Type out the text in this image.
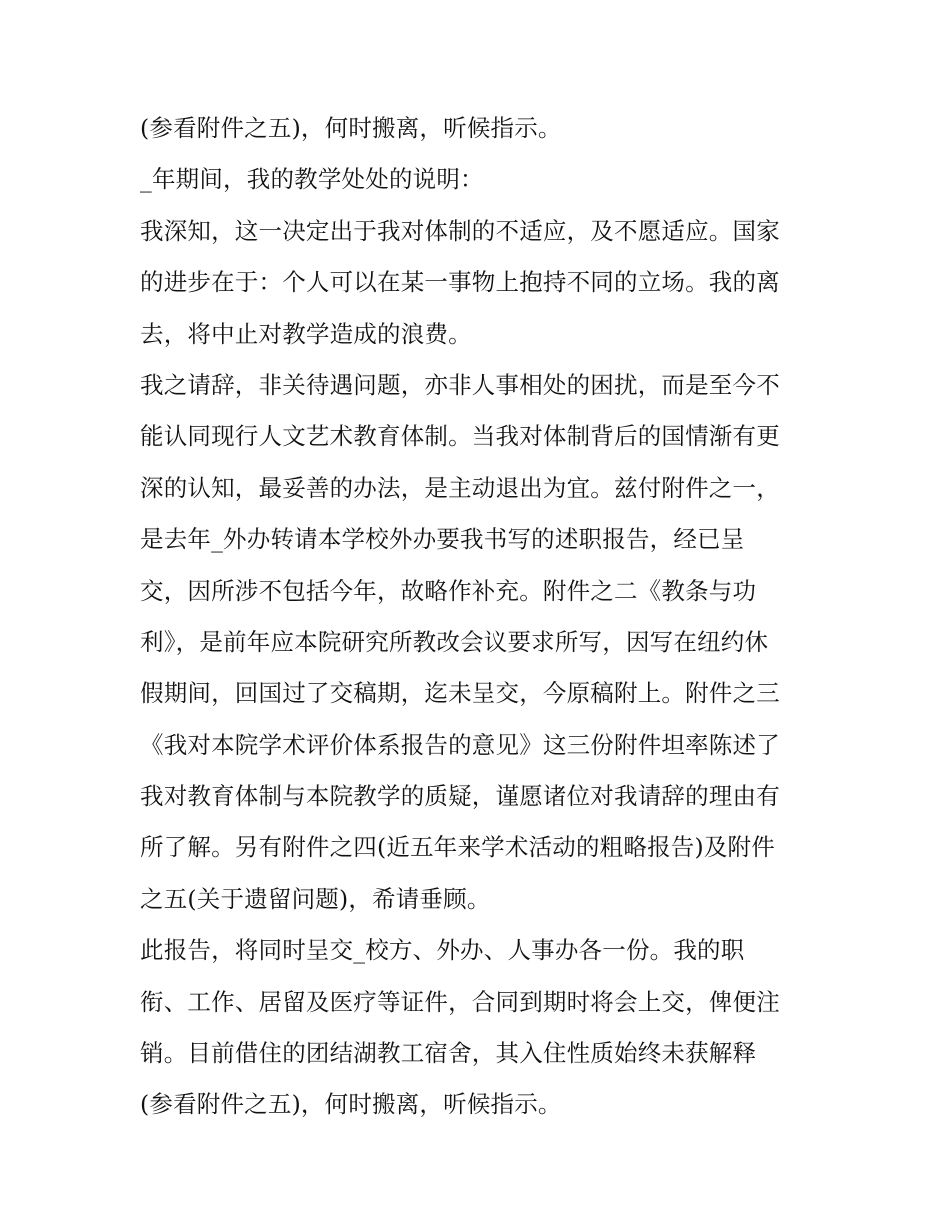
(参看附件之五)，何时搬离，听候指示。
_年期间，我的教学处处的说明：
我深知，这一决定出于我对体制的不适应，及不愿适应。国家
的进步在于：个人可以在某一事物上抱持不同的立场。我的离
去，将中止对教学造成的浪费。
我之请辞，非关待遇问题，亦非人事相处的困扰，而是至今不
能认同现行人文艺术教育体制。当我对体制背后的国情渐有更
深的认知，最妥善的办法，是主动退出为宜。兹付附件之一，
是去年_外办转请本学校外办要我书写的述职报告，经已呈
交，因所涉不包括今年，故略作补充。附件之二《教条与功
利》，是前年应本院研究所教改会议要求所写，因写在纽约休
假期间，回国过了交稿期，迄未呈交，今原稿附上。附件之三
《我对本院学术评价体系报告的意见》这三份附件坦率陈述了
我对教育体制与本院教学的质疑，谨愿诸位对我请辞的理由有
所了解。另有附件之四(近五年来学术活动的粗略报告)及附件
之五(关于遗留问题)，希请垂顾。
此报告，将同时呈交_校方、外办、人事办各一份。我的职
衔、工作、居留及医疗等证件，合同到期时将会上交，俾便注
销。目前借住的团结湖教工宿舍，其入住性质始终未获解释
(参看附件之五)，何时搬离，听候指示。
